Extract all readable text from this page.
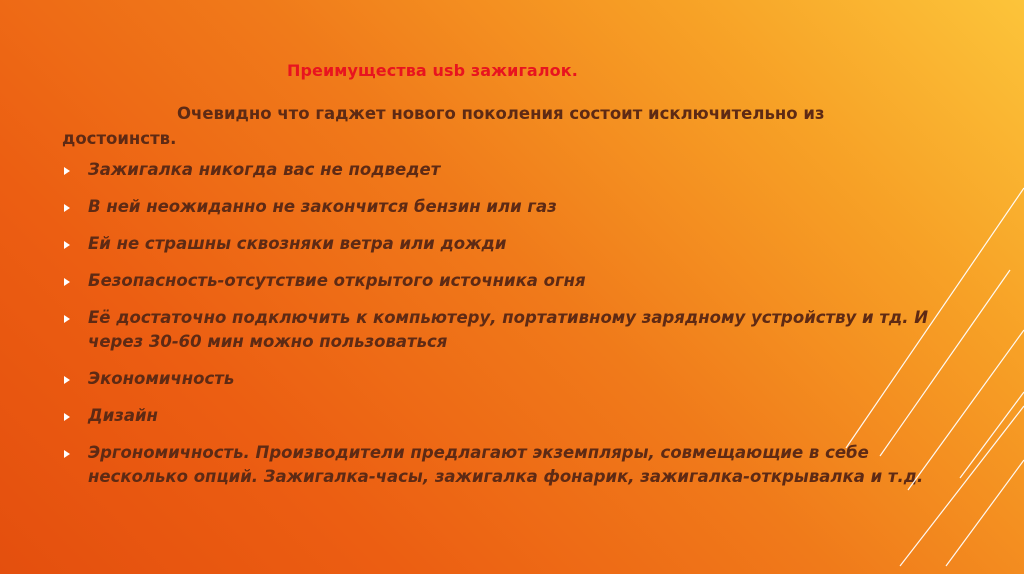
Преимущества usb зажигалок.
Очевидно что гаджет нового поколения состоит исключительно из достоинств.
Зажигалка никогда вас не подведет
В ней неожиданно не закончится бензин или газ
Ей не страшны сквозняки ветра или дожди
Безопасность-отсутствие открытого источника огня
Её достаточно подключить к компьютеру, портативному зарядному устройству и тд. И через 30-60 мин можно пользоваться
Экономичность
Дизайн
Эргономичность. Производители предлагают экземпляры, совмещающие в себе несколько опций. Зажигалка-часы, зажигалка фонарик, зажигалка-открывалка и т.д.
